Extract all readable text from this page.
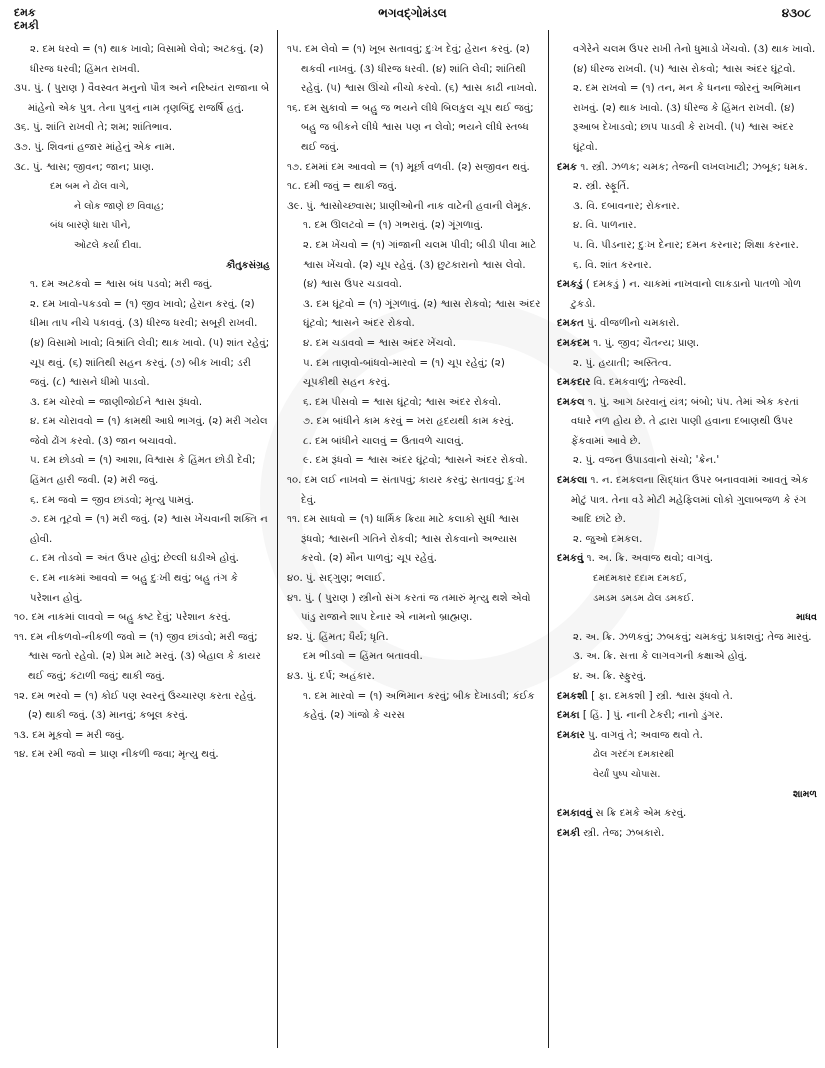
દમક
દમકી
ભગવદ્ગોમંડલ	૪૩૦૮

૨. દમ ધરવો = (૧) થાક ખાવો; વિસામો લેવો; અટકવું. (૨) ધીરજ ધરવી; હિંમત રાખવી.

૩૫. પું. ( પુરાણ ) વૈવસ્વત મનુનો પૌત્ર અને નરિષ્યંત રાજાના બે માંહેનો એક પુત્ર. તેના પુત્રનું નામ તૃણબિંદુ રાજર્ષિ હતું.

૩૬. પું. શાંતિ રાખવી તે; શમ; શાંતિભાવ.

૩૭. પું. શિવનાં હજાર માંહેનું એક નામ.

૩૮. પું. શ્વાસ; જીવન; જાન; પ્રાણ.

દમ બમ ને ઢોલ વાગે,

ને લોક જાણે છ વિવાહ;

બંધ બારણે ધારા પીને,

ઓટલે કર્યા દીવા.

કૌતુકસંગ્રહ

૧. દમ અટકવો = શ્વાસ બંધ પડવો; મરી જવું.

૨. દમ ખાવો-પકડવો = (૧) જીવ ખાવો; હેરાન કરવું. (૨) ધીમા તાપ નીચે પકાવવું. (૩) ધીરજ ધરવી; સબૂરી રાખવી. (૪) વિસામો ખાવો; વિશ્રાંતિ લેવી; થાક ખાવો. (૫) શાંત રહેવું; ચૂપ થવું. (૬) શાંતિથી સહન કરવું. (૭) બીક ખાવી; ડરી જવું. (૮) શ્વાસને ધીમો પાડવો.

૩. દમ ચોરવો = જાણીજોઈને શ્વાસ રૂંધવો.

૪. દમ ચોરાવવો = (૧) કામથી આઘે ભાગવું. (૨) મરી ગયેલ જેવો ઢોંગ કરવો. (૩) જાન બચાવવો.

૫. દમ છોડવો = (૧) આશા, વિશ્વાસ કે હિંમત છોડી દેવી; હિંમત હારી જવી. (૨) મરી જવું.

૬. દમ જવો = જીવ છાંડવો; મૃત્યુ પામવું.

૭. દમ તૂટવો = (૧) મરી જવું. (૨) શ્વાસ ખેંચવાની શક્તિ ન હોવી.

૮. દમ તોડવો = અંત ઉપર હોવું; છેલ્લી ઘડીએ હોવું.

૯. દમ નાકમાં આવવો = બહુ દુઃખી થવું; બહુ તંગ કે પરેશાન હોવું.

૧૦. દમ નાકમાં લાવવો = બહુ કષ્ટ દેવું; પરેશાન કરવું.

૧૧. દમ નીકળવો-નીકળી જવો = (૧) જીવ છાંડવો; મરી જવું; શ્વાસ જતો રહેવો. (૨) પ્રેમ માટે મરવું. (૩) બેહાલ કે કાયર થઈ જવું; કંટાળી જવું; થાકી જવું.

૧૨. દમ ભરવો = (૧) કોઈ પણ સ્વરનું ઉચ્ચારણ કરતા રહેવું. (૨) થાકી જવું. (૩) માનવું; કબૂલ કરવું.

૧૩. દમ મૂકવો = મરી જવું.

૧૪. દમ રમી જવો = પ્રાણ નીકળી જવા; મૃત્યુ થવું.

૧૫. દમ લેવો = (૧) ખૂબ સતાવવું; દુઃખ દેવું; હેરાન કરવું. (૨) થકવી નાખવું. (૩) ધીરજ ધરવી. (૪) શાંતિ લેવી; શાંતિથી રહેવું. (૫) શ્વાસ ઊંચો નીચો કરવો. (૬) શ્વાસ કાઢી નાખવો.

૧૬. દમ સુકાવો = બહુ જ ભયને લીધે બિલકુલ ચૂપ થઈ જવું; બહુ જ બીકને લીધે શ્વાસ પણ ન લેવો; ભયને લીધે સ્તબ્ધ થઈ જવું.

૧૭. દમમાં દમ આવવો = (૧) મૂર્છા વળવી. (૨) સજીવન થવું.

૧૮. દમી જવું = થાકી જવું.

૩૯. પું. શ્વાસોચ્છ્વાસ; પ્રાણીઓની નાક વાટેની હવાની લેમૂક.

૧. દમ ઊલટવો = (૧) ગભરાવું. (૨) ગૂંગળાવું.

૨. દમ ખેંચવો = (૧) ગાંજાની ચલમ પીવી; બીડી પીવા માટે શ્વાસ ખેંચવો. (૨) ચૂપ રહેવું. (૩) છુટકારાનો શ્વાસ લેવો. (૪) શ્વાસ ઉપર ચડાવવો.

૩. દમ ઘૂંટવો = (૧) ગૂંગળાવું. (૨) શ્વાસ રોકવો; શ્વાસ અંદર ઘૂંટવો; શ્વાસને અંદર રોકવો.

૪. દમ ચડાવવો = શ્વાસ અંદર ખેંચવો.

૫. દમ તાણવો-બાંધવો-મારવો = (૧) ચૂપ રહેવું; (૨) ચૂપકીથી સહન કરવું.

૬. દમ પીસવો = શ્વાસ ઘૂંટવો; શ્વાસ અંદર રોકવો.

૭. દમ બાંધીને કામ કરવું = ખરા હૃદયથી કામ કરવું.

૮. દમ બાંધીને ચાલવું = ઉતાવળે ચાલવું.

૯. દમ રૂંધવો = શ્વાસ અંદર ઘૂંટવો; શ્વાસને અંદર રોકવો.

૧૦. દમ લઈ નાખવો = સંતાપવું; કાયર કરવું; સતાવવું; દુઃખ દેવું.

૧૧. દમ સાધવો = (૧) ધાર્મિક ક્રિયા માટે કલાકો સુધી શ્વાસ રૂંધવો; શ્વાસની ગતિને રોકવી; શ્વાસ રોકવાનો અભ્યાસ કરવો. (૨) મૌન પાળવું; ચૂપ રહેવું.

૪૦. પું. સદ્ગુણ; ભલાઈ.

૪૧. પું. ( પુરાણ ) સ્ત્રીનો સંગ કરતાં જ તમારું મૃત્યુ થશે એવો પાંડુ રાજાને શાપ દેનાર એ નામનો બ્રાહ્મણ.

૪૨. પું. હિંમત; ધૈર્ય; ધૃતિ.

દમ ભીડવો = હિંમત બતાવવી.

૪૩. પું. દર્પ; અહંકાર.

૧. દમ મારવો = (૧) અભિમાન કરવું; બીક દેખાડવી; કંઈક કહેવું. (૨) ગાંજો કે ચરસ

વગેરેને ચલમ ઉપર રાખી તેનો ધુમાડો ખેંચવો. (૩) થાક ખાવો. (૪) ધીરજ રાખવી. (૫) શ્વાસ રોકવો; શ્વાસ અંદર ઘૂંટવો.

૨. દમ રાખવો = (૧) તન, મન કે ધનના જોરનું અભિમાન રાખવું. (૨) થાક ખાવો. (૩) ધીરજ કે હિંમત રાખવી. (૪) રૂઆબ દેખાડવો; છાપ પાડવી કે રાખવી. (૫) શ્વાસ અંદર ઘૂંટવો.

દમક ૧. સ્ત્રી. ઝળક; ચમક; તેજની લખલખાટી; ઝબૂક; ધમક.

૨. સ્ત્રી. સ્ફૂર્તિ.

૩. વિ. દબાવનાર; રોકનાર.

૪. વિ. પાળનાર.

૫. વિ. પીડનાર; દુઃખ દેનાર; દમન કરનાર; શિક્ષા કરનાર.

૬. વિ. શાંત કરનાર.

દમકડું ( દમકડું ) ન. ચાકમાં નાખવાનો લાકડાનો પાતળો ગોળ ટુકડો.

દમકત પું. વીજળીનો ચમકારો.

દમકદમ ૧. પું. જીવ; ચૈતન્ય; પ્રાણ.

૨. પું. હયાતી; અસ્તિત્વ.

દમકદાર વિ. દમકવાળું; તેજસ્વી.

દમકલ ૧. પું. આગ ઠારવાનું યંત્ર; બંબો; પંપ. તેમાં એક કરતાં વધારે નળ હોય છે. તે દ્વારા પાણી હવાના દબાણથી ઉપર ફેંકવામાં આવે છે.

૨. પું. વજન ઉપાડવાનો સંચો; 'ક્રેન.'

દમકલા ૧. ન. દમકલના સિદ્ધાંત ઉપર બનાવવામાં આવતું એક મોટું પાત્ર. તેના વડે મોટી મહેફિલમાં લોકો ગુલાબજળ કે રંગ આદિ છાંટે છે.

૨. જુઓ દમકલ.

દમકવું ૧. અ. ક્રિ. અવાજ થવો; વાગવું.

દમદમકાર દદામ દમકઈ,

ડમડમ ડમડમ ઢોલ ડમકઈ.

માધવ

૨. અ. ક્રિ. ઝળકવું; ઝબકવું; ચમકવું; પ્રકાશવું; તેજ મારવું.

૩. અ. ક્રિ. સત્તા કે લાગવગની કક્ષાએ હોવું.

૪. અ. ક્રિ. સ્ફુરવું.

દમકશી [ ફા. દમકશી ] સ્ત્રી. શ્વાસ રૂંધવો તે.

દમકા [ હિં. ] પું. નાની ટેકરી; નાનો ડુંગર.

દમકાર પુ. વાગવું તે; અવાજ થવો તે.

ઢોલ ગરદંગ દમકારથી

વેર્યાં પુષ્પ ચોપાસ.

શામળ

દમકાવવું સ ક્રિ દમકે એમ કરવું.

દમકી સ્ત્રી. તેજ; ઝબકારો.
